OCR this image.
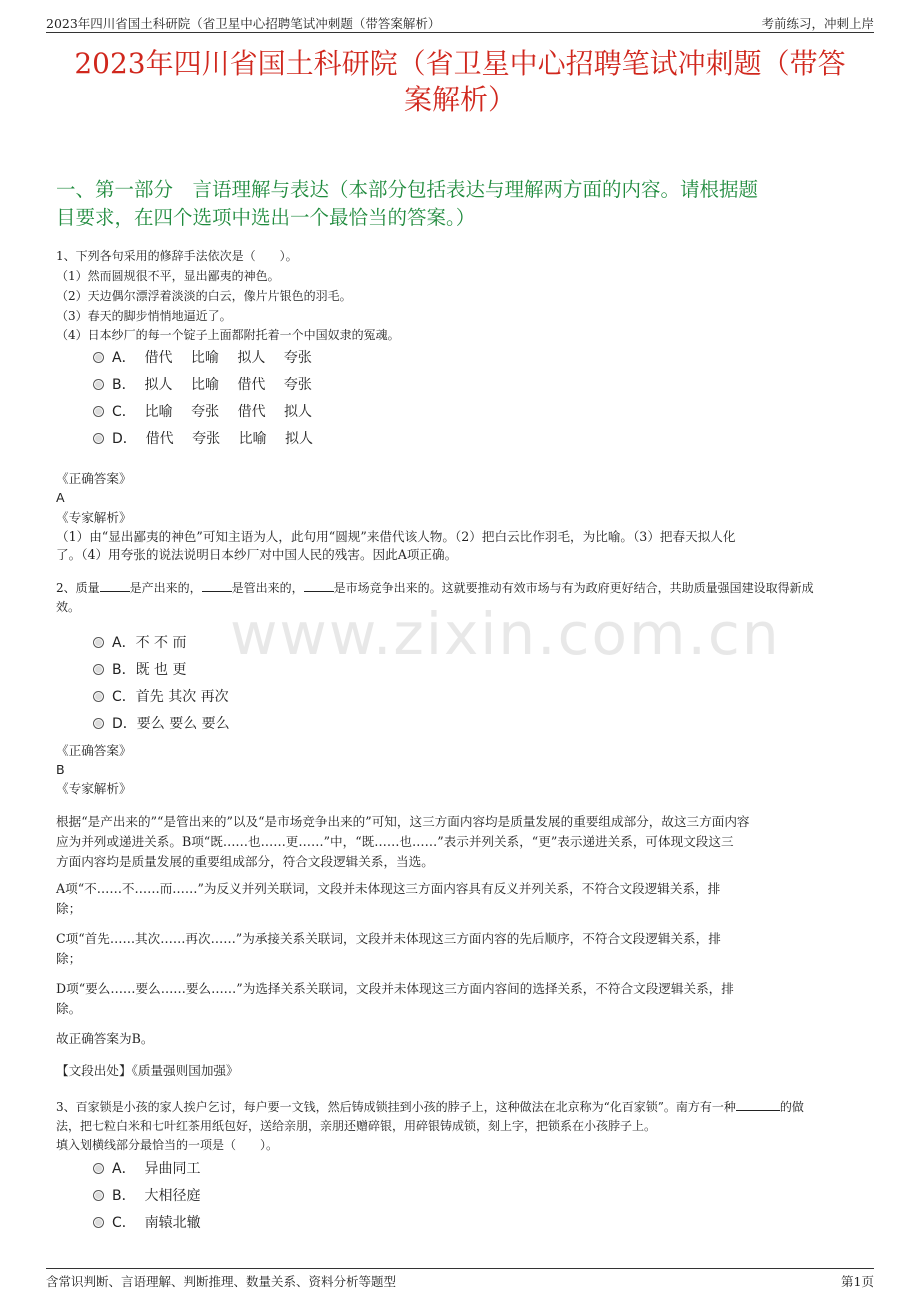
2023年四川省国土科研院（省卫星中心招聘笔试冲刺题（带答案解析）	考前练习，冲刺上岸
2023年四川省国土科研院（省卫星中心招聘笔试冲刺题（带答
案解析）
一、第一部分　言语理解与表达（本部分包括表达与理解两方面的内容。请根据题
目要求，在四个选项中选出一个最恰当的答案。）
www.zixin.com.cn
1、下列各句采用的修辞手法依次是（　　）。
（1）然而圆规很不平，显出鄙夷的神色。
（2）天边偶尔漂浮着淡淡的白云，像片片银色的羽毛。
（3）春天的脚步悄悄地逼近了。
（4）日本纱厂的每一个锭子上面都附托着一个中国奴隶的冤魂。
A．  借代　 比喻　 拟人　 夸张
B．  拟人　 比喻　 借代　 夸张
C．  比喻　 夸张　 借代　 拟人
D．  借代　 夸张　 比喻　 拟人
《正确答案》
A
《专家解析》
（1）由“显出鄙夷的神色”可知主语为人，此句用“圆规”来借代该人物。（2）把白云比作羽毛，为比喻。（3）把春天拟人化
了。（4）用夸张的说法说明日本纱厂对中国人民的残害。因此A项正确。
2、质量	是产出来的，	是管出来的，	是市场竞争出来的。这就要推动有效市场与有为政府更好结合，共助质量强国建设取得新成
效。
A．不 不 而
B．既 也 更
C．首先 其次 再次
D．要么 要么 要么
《正确答案》
B
《专家解析》
根据“是产出来的”“是管出来的”以及“是市场竞争出来的”可知，这三方面内容均是质量发展的重要组成部分，故这三方面内容
应为并列或递进关系。B项“既……也……更……”中，“既……也……”表示并列关系，“更”表示递进关系，可体现文段这三
方面内容均是质量发展的重要组成部分，符合文段逻辑关系，当选。
A项“不……不……而……”为反义并列关联词，文段并未体现这三方面内容具有反义并列关系，不符合文段逻辑关系，排
除；
C项“首先……其次……再次……”为承接关系关联词，文段并未体现这三方面内容的先后顺序，不符合文段逻辑关系，排
除；
D项“要么……要么……要么……”为选择关系关联词，文段并未体现这三方面内容间的选择关系，不符合文段逻辑关系，排
除。
故正确答案为B。
【文段出处】《质量强则国加强》
3、百家锁是小孩的家人挨户乞讨，每户要一文钱，然后铸成锁挂到小孩的脖子上，这种做法在北京称为“化百家锁”。南方有一种	的做
法，把七粒白米和七叶红茶用纸包好，送给亲朋，亲朋还赠碎银，用碎银铸成锁，刻上字，把锁系在小孩脖子上。
填入划横线部分最恰当的一项是（　　）。
A．  异曲同工
B．  大相径庭
C．  南辕北辙
含常识判断、言语理解、判断推理、数量关系、资料分析等题型	第1页
